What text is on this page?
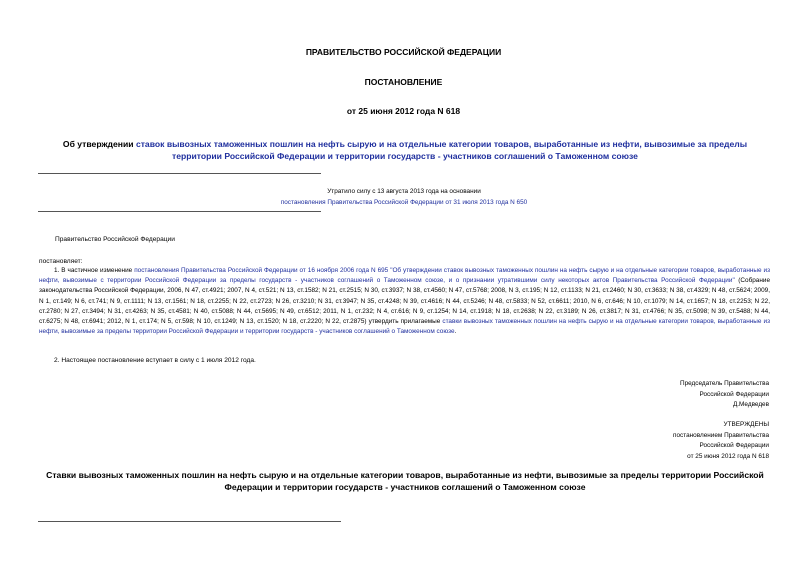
ПРАВИТЕЛЬСТВО РОССИЙСКОЙ ФЕДЕРАЦИИ
ПОСТАНОВЛЕНИЕ
от 25 июня 2012 года N 618
Об утверждении ставок вывозных таможенных пошлин на нефть сырую и на отдельные категории товаров, выработанные из нефти, вывозимые за пределы территории Российской Федерации и территории государств - участников соглашений о Таможенном союзе
Утратило силу с 13 августа 2013 года на основании
постановления Правительства Российской Федерации от 31 июля 2013 года N 650
Правительство Российской Федерации
постановляет:
1. В частичное изменение постановления Правительства Российской Федерации от 16 ноября 2006 года N 695 "Об утверждении ставок вывозных таможенных пошлин на нефть сырую и на отдельные категории товаров, выработанные из нефти, вывозимые с территории Российской Федерации за пределы государств - участников соглашений о Таможенном союзе, и о признании утратившими силу некоторых актов Правительства Российской Федерации" (Собрание законодательства Российской Федерации, 2006, N 47, ст.4921; 2007, N 4, ст.521; N 13, ст.1582; N 21, ст.2515; N 30, ст.3937; N 38, ст.4560; N 47, ст.5768; 2008, N 3, ст.195; N 12, ст.1133; N 21, ст.2460; N 30, ст.3633; N 38, ст.4329; N 48, ст.5624; 2009, N 1, ст.149; N 6, ст.741; N 9, ст.1111; N 13, ст.1561; N 18, ст.2255; N 22, ст.2723; N 26, ст.3210; N 31, ст.3947; N 35, ст.4248; N 39, ст.4616; N 44, ст.5246; N 48, ст.5833; N 52, ст.6611; 2010, N 6, ст.646; N 10, ст.1079; N 14, ст.1657; N 18, ст.2253; N 22, ст.2780; N 27, ст.3494; N 31, ст.4263; N 35, ст.4581; N 40, ст.5088; N 44, ст.5695; N 49, ст.6512; 2011, N 1, ст.232; N 4, ст.616; N 9, ст.1254; N 14, ст.1918; N 18, ст.2638; N 22, ст.3189; N 26, ст.3817; N 31, ст.4766; N 35, ст.5098; N 39, ст.5488; N 44, ст.6275; N 48, ст.6941; 2012, N 1, ст.174; N 5, ст.598; N 10, ст.1249; N 13, ст.1520; N 18, ст.2220; N 22, ст.2875) утвердить прилагаемые ставки вывозных таможенных пошлин на нефть сырую и на отдельные категории товаров, выработанные из нефти, вывозимые за пределы территории Российской Федерации и территории государств - участников соглашений о Таможенном союзе.
2. Настоящее постановление вступает в силу с 1 июля 2012 года.
Председатель Правительства
Российской Федерации
Д.Медведев
УТВЕРЖДЕНЫ
постановлением Правительства
Российской Федерации
от 25 июня 2012 года N 618
Ставки вывозных таможенных пошлин на нефть сырую и на отдельные категории товаров, выработанные из нефти, вывозимые за пределы территории Российской Федерации и территории государств - участников соглашений о Таможенном союзе
